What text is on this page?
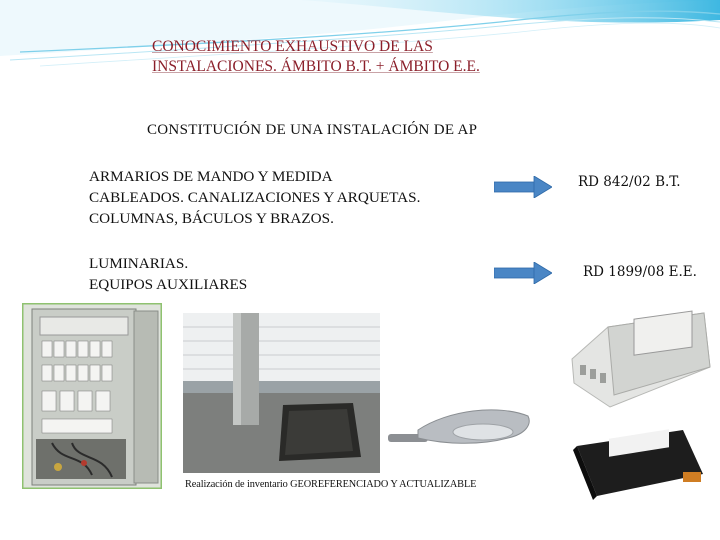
CONOCIMIENTO EXHAUSTIVO DE LAS
INSTALACIONES. ÁMBITO B.T. + ÁMBITO E.E.
CONSTITUCIÓN DE UNA INSTALACIÓN DE AP
ARMARIOS DE MANDO Y MEDIDA
CABLEADOS. CANALIZACIONES Y ARQUETAS.
COLUMNAS, BÁCULOS Y BRAZOS.
RD 842/02 B.T.
LUMINARIAS.
EQUIPOS AUXILIARES
RD 1899/08 E.E.
Realización de inventario GEOREFERENCIADO Y ACTUALIZABLE
